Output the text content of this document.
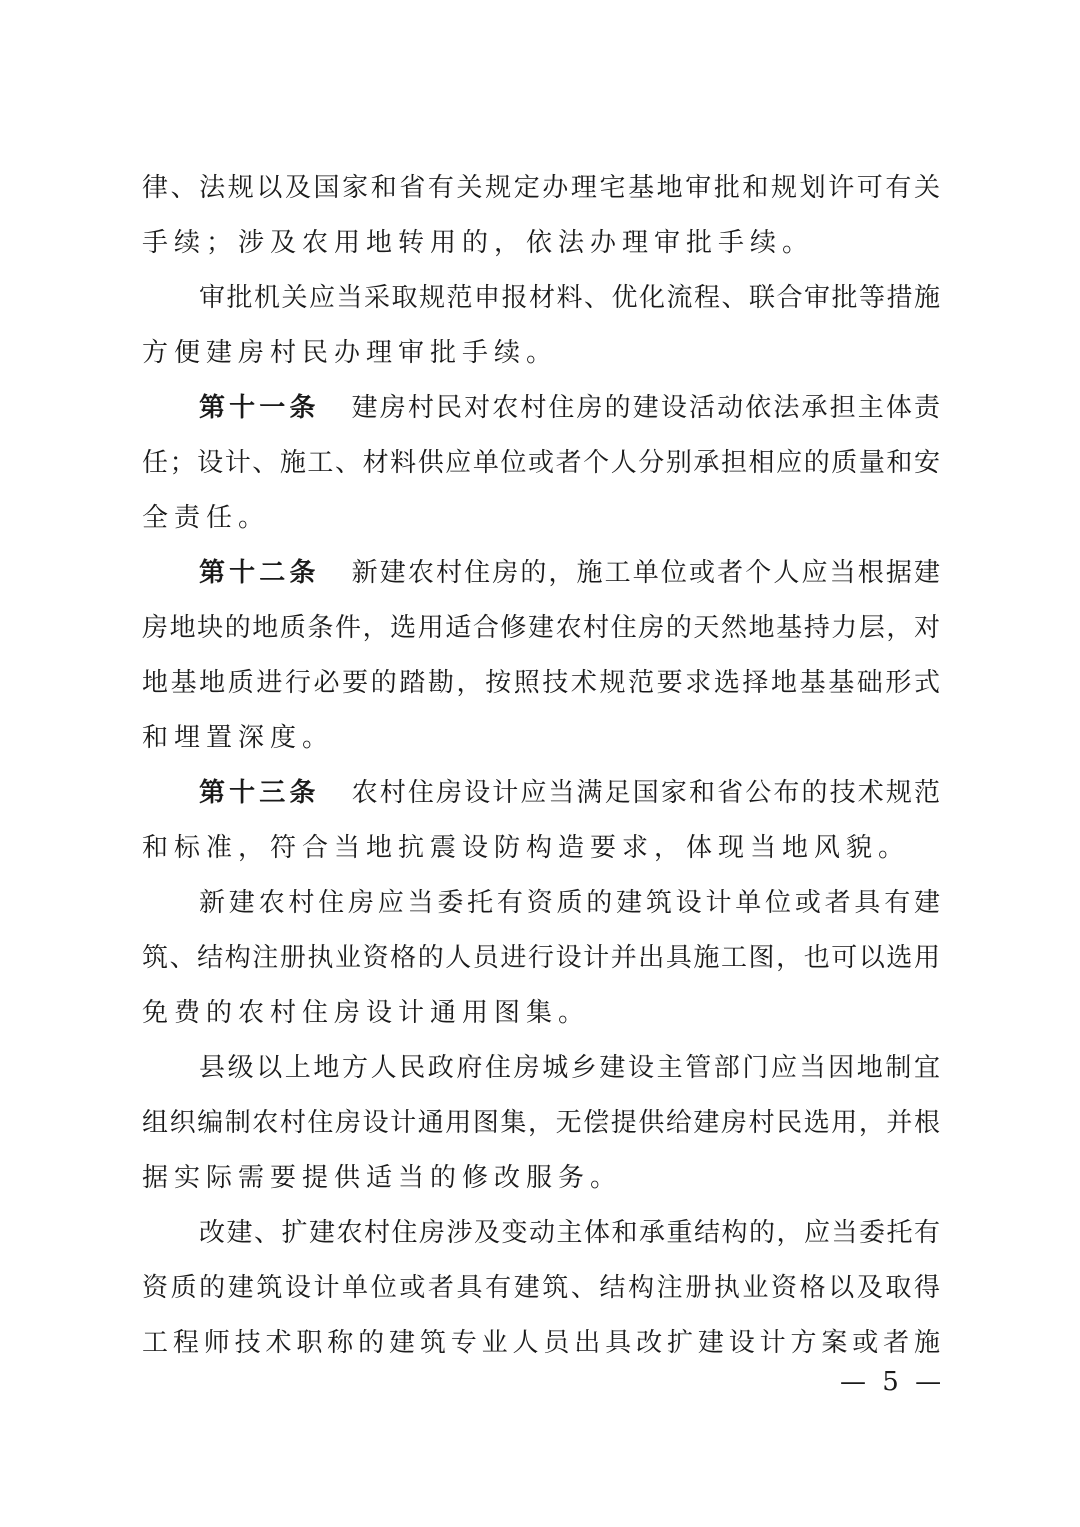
律、法规以及国家和省有关规定办理宅基地审批和规划许可有关
手续；涉及农用地转用的，依法办理审批手续。
审批机关应当采取规范申报材料、优化流程、联合审批等措施
方便建房村民办理审批手续。
第十一条 建房村民对农村住房的建设活动依法承担主体责
任；设计、施工、材料供应单位或者个人分别承担相应的质量和安
全责任。
第十二条 新建农村住房的，施工单位或者个人应当根据建
房地块的地质条件，选用适合修建农村住房的天然地基持力层，对
地基地质进行必要的踏勘，按照技术规范要求选择地基基础形式
和埋置深度。
第十三条 农村住房设计应当满足国家和省公布的技术规范
和标准，符合当地抗震设防构造要求，体现当地风貌。
新建农村住房应当委托有资质的建筑设计单位或者具有建
筑、结构注册执业资格的人员进行设计并出具施工图，也可以选用
免费的农村住房设计通用图集。
县级以上地方人民政府住房城乡建设主管部门应当因地制宜
组织编制农村住房设计通用图集，无偿提供给建房村民选用，并根
据实际需要提供适当的修改服务。
改建、扩建农村住房涉及变动主体和承重结构的，应当委托有
资质的建筑设计单位或者具有建筑、结构注册执业资格以及取得
工程师技术职称的建筑专业人员出具改扩建设计方案或者施
— 5 —
